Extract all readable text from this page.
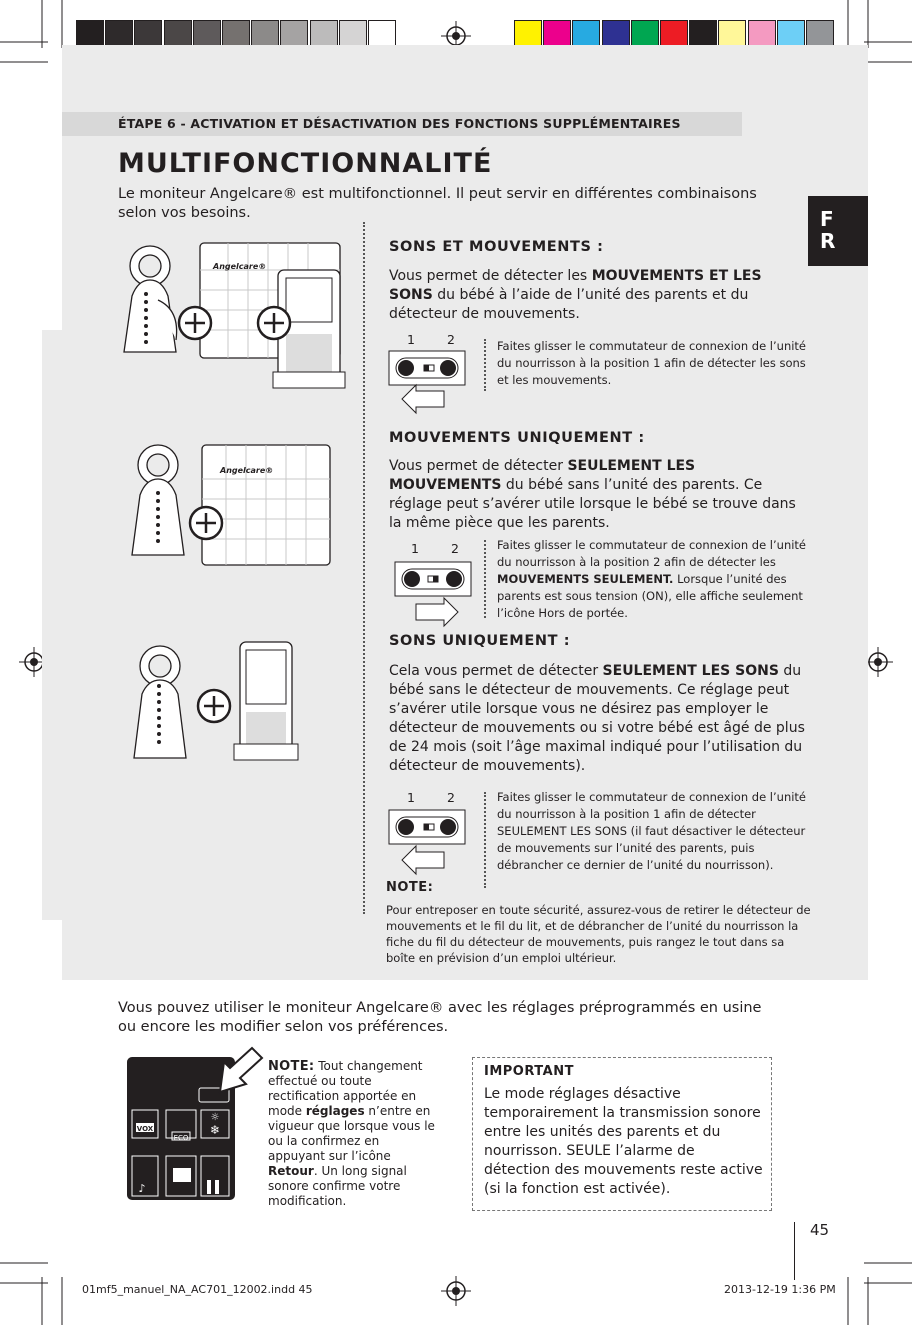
ÉTAPE 6 - ACTIVATION ET DÉSACTIVATION DES FONCTIONS SUPPLÉMENTAIRES
MULTIFONCTIONNALITÉ
Le moniteur Angelcare® est multifonctionnel. Il peut servir en différentes combinaisons selon vos besoins.	F R
Angelcare®
Angelcare®
SONS ET MOUVEMENTS :
Vous permet de détecter les MOUVEMENTS ET LES SONS du bébé à l’aide de l’unité des parents et du détecteur de mouvements.
1	2	Faites glisser le commutateur de connexion de l’unité du nourrisson à la position 1 afin de détecter les sons et les mouvements.
MOUVEMENTS UNIQUEMENT :
Vous permet de détecter SEULEMENT LES MOUVEMENTS du bébé sans l’unité des parents. Ce réglage peut s’avérer utile lorsque le bébé se trouve dans la même pièce que les parents.
1	2	Faites glisser le commutateur de connexion de l’unité du nourrisson à la position 2 afin de détecter les MOUVEMENTS SEULEMENT. Lorsque l’unité des parents est sous tension (ON), elle affiche seulement l’icône Hors de portée.
SONS UNIQUEMENT :
Cela vous permet de détecter SEULEMENT LES SONS du bébé sans le détecteur de mouvements. Ce réglage peut s’avérer utile lorsque vous ne désirez pas employer le détecteur de mouvements ou si votre bébé est âgé de plus de 24 mois (soit l’âge maximal indiqué pour l’utilisation du détecteur de mouvements).
1	2	Faites glisser le commutateur de connexion de l’unité du nourrisson à la position 1 afin de détecter SEULEMENT LES SONS (il faut désactiver le détecteur de mouvements sur l’unité des parents, puis débrancher ce dernier de l’unité du nourrisson).
NOTE:
Pour entreposer en toute sécurité, assurez-vous de retirer le détecteur de mouvements et le fil du lit, et de débrancher de l’unité du nourrisson la fiche du fil du détecteur de mouvements, puis rangez le tout dans sa boîte en prévision d’un emploi ultérieur.
Vous pouvez utiliser le moniteur Angelcare® avec les réglages préprogrammés en usine ou encore les modifier selon vos préférences.
VOX
ECO
❄
☼
♪
NOTE: Tout changement effectué ou toute rectification apportée en mode réglages n’entre en vigueur que lorsque vous le ou la confirmez en appuyant sur l’icône Retour. Un long signal sonore confirme votre modification.
IMPORTANT
Le mode réglages désactive temporairement la transmission sonore entre les unités des parents et du nourrisson. SEULE l’alarme de détection des mouvements reste active (si la fonction est activée).
45
01mf5_manuel_NA_AC701_12002.indd 45	2013-12-19 1:36 PM
